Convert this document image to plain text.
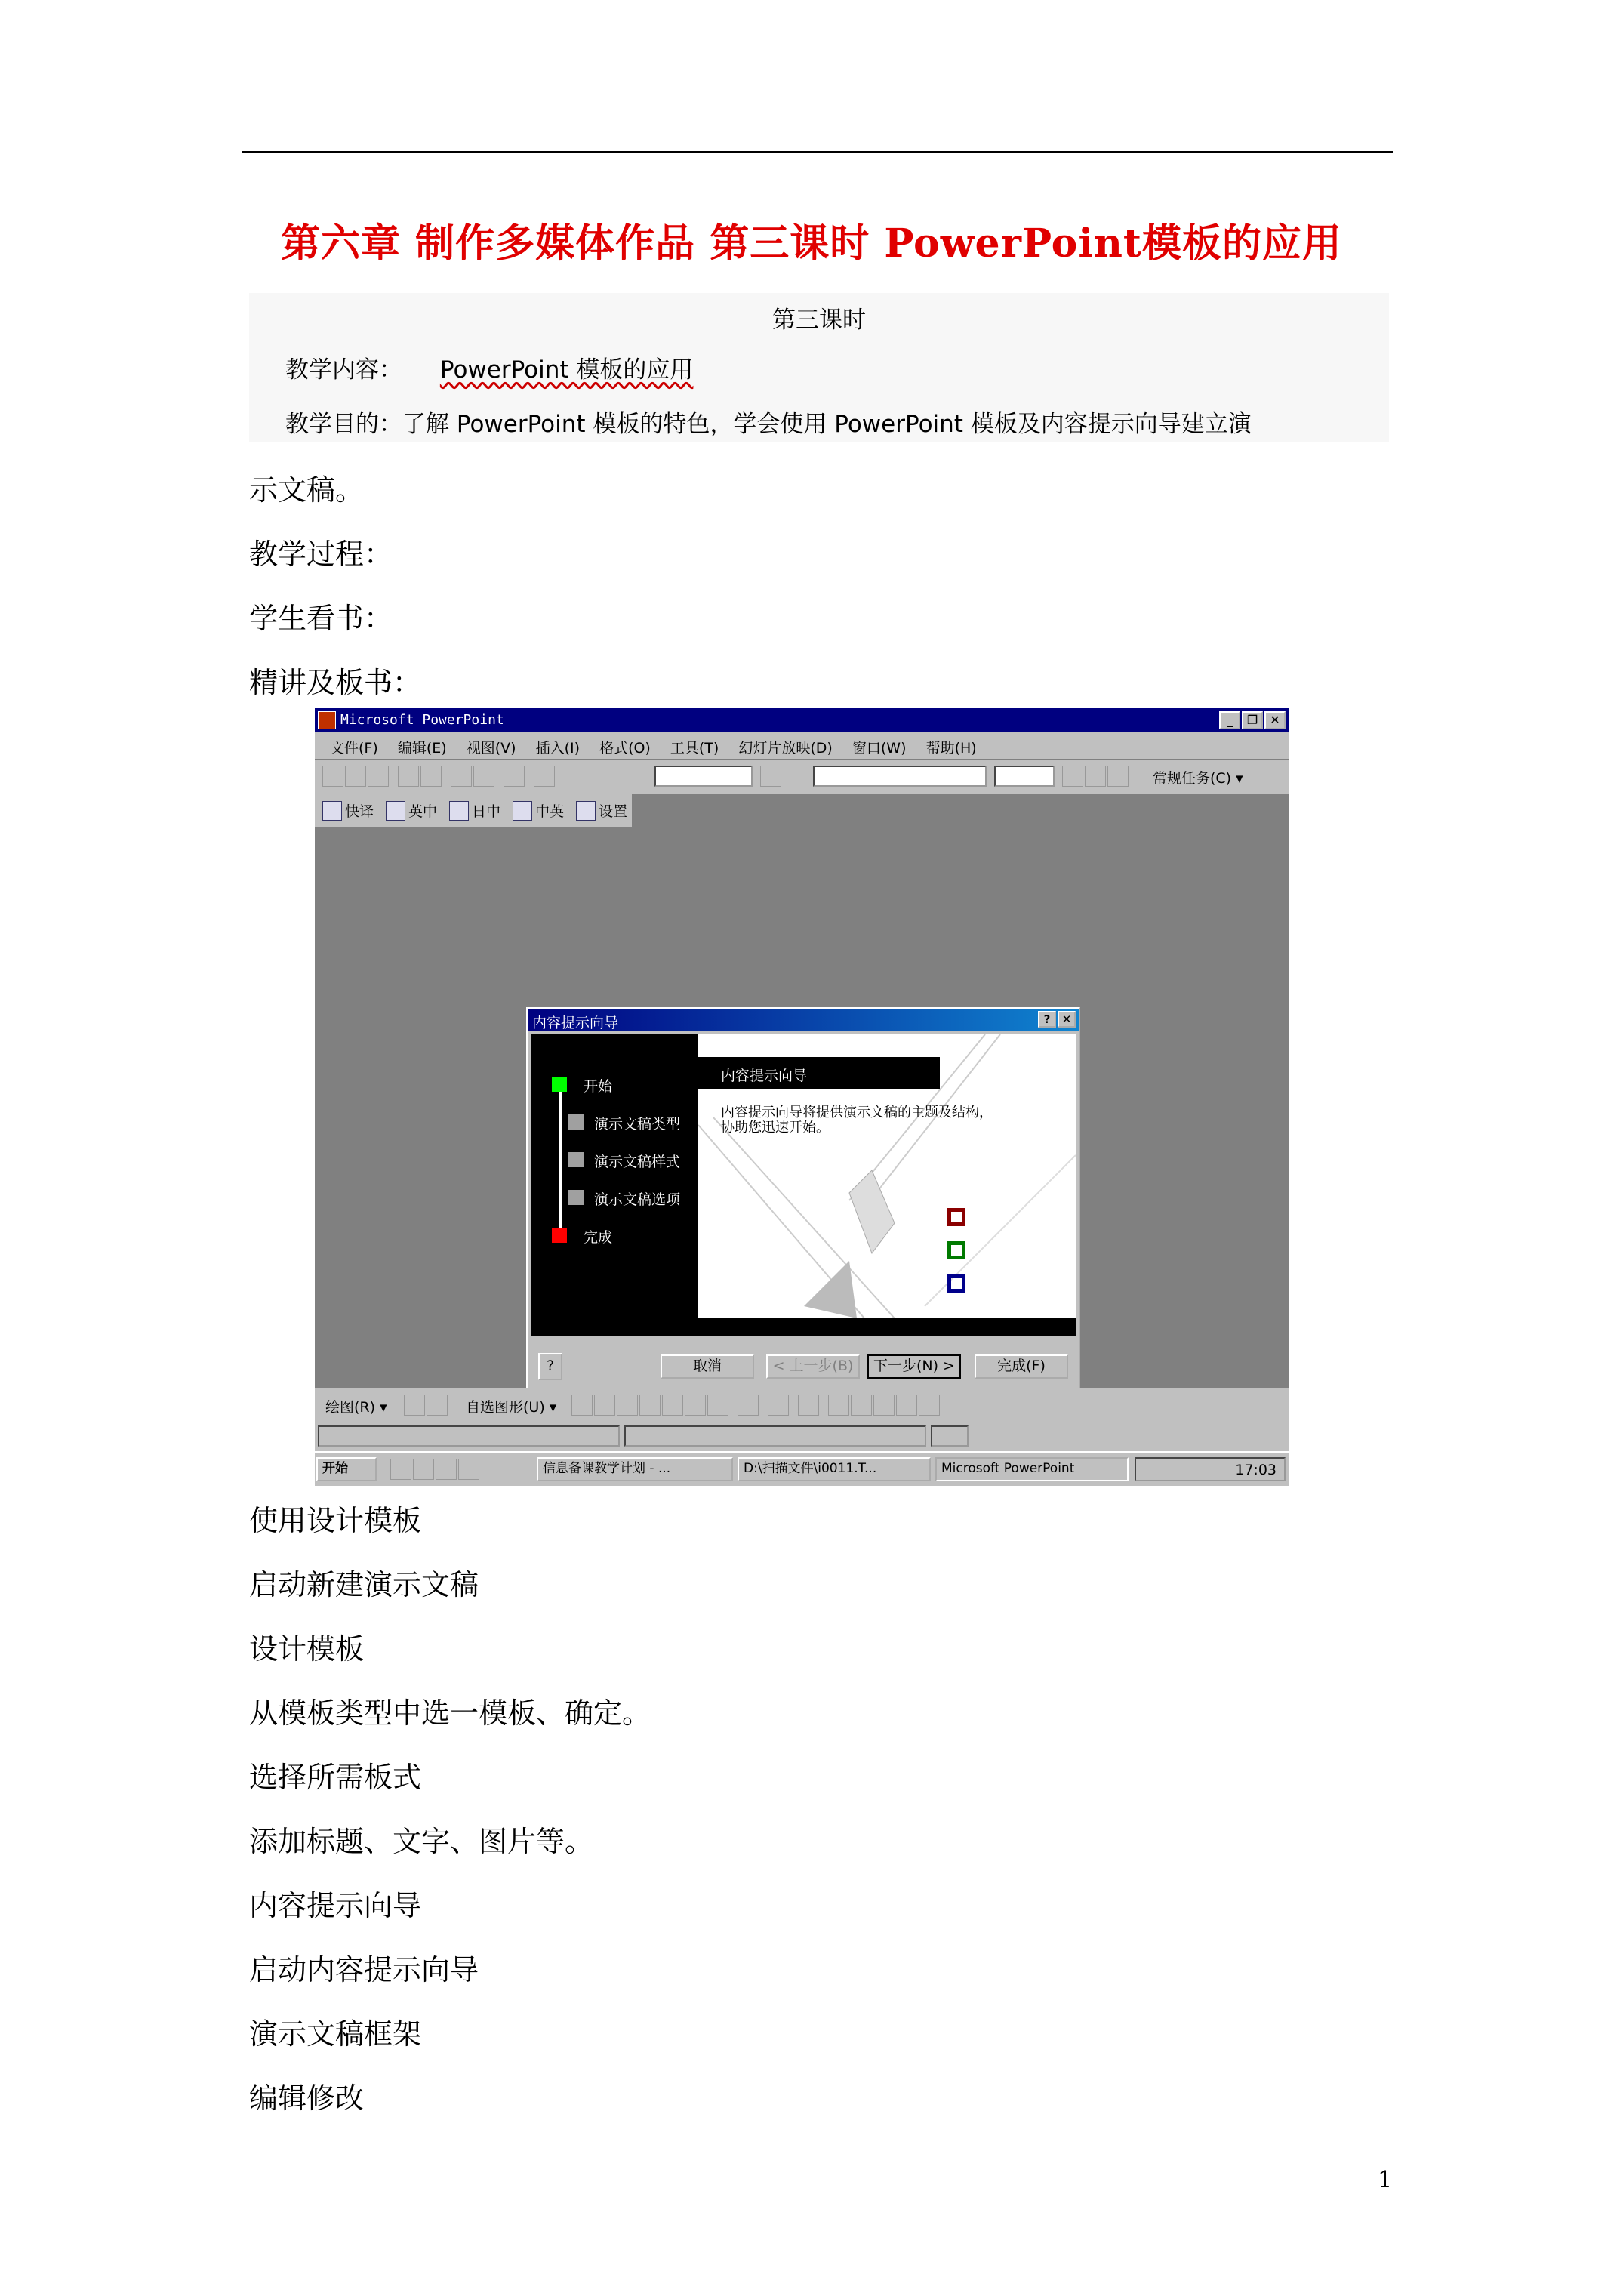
第六章 制作多媒体作品 第三课时 PowerPoint模板的应用
第三课时
教学内容： PowerPoint 模板的应用
教学目的：了解 PowerPoint 模板的特色，学会使用 PowerPoint 模板及内容提示向导建立演
示文稿。
教学过程：
学生看书：
精讲及板书：
Microsoft PowerPoint	_	❐	✕
文件(F) 编辑(E) 视图(V) 插入(I) 格式(O) 工具(T) 幻灯片放映(D) 窗口(W) 帮助(H)
常规任务(C) ▾
快译 英中 日中 中英 设置
内容提示向导	?	✕
开始
演示文稿类型
演示文稿样式
演示文稿选项
完成
内容提示向导
内容提示向导将提供演示文稿的主题及结构，协助您迅速开始。
?	取消	< 上一步(B)	下一步(N) >	完成(F)
绘图(R) ▾	自选图形(U) ▾
开始	信息备课教学计划 - ...	D:\扫描文件\i0011.T...	Microsoft PowerPoint	17:03
使用设计模板
启动新建演示文稿
设计模板
从模板类型中选一模板、确定。
选择所需板式
添加标题、文字、图片等。
内容提示向导
启动内容提示向导
演示文稿框架
编辑修改
1
